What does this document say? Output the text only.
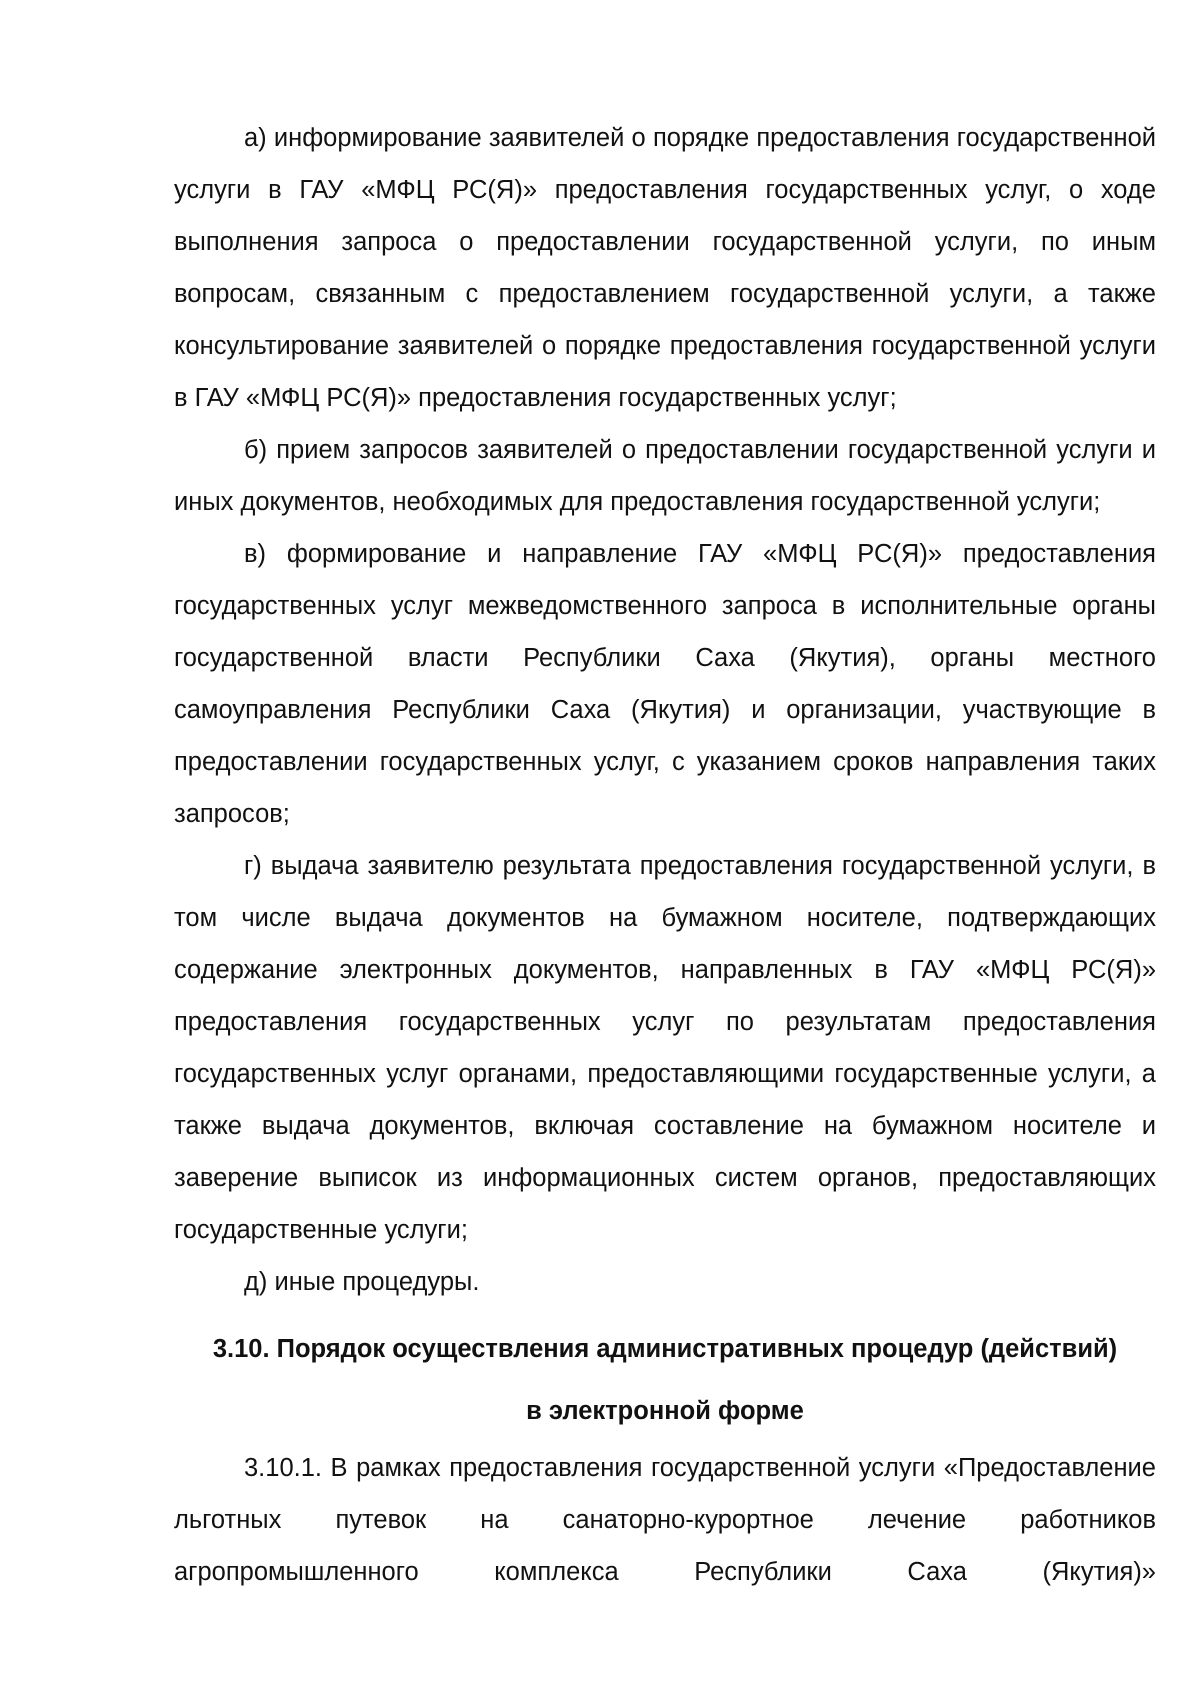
а) информирование заявителей о порядке предоставления государственной услуги в ГАУ «МФЦ РС(Я)» предоставления государственных услуг, о ходе выполнения запроса о предоставлении государственной услуги, по иным вопросам, связанным с предоставлением государственной услуги, а также консультирование заявителей о порядке предоставления государственной услуги в ГАУ «МФЦ РС(Я)» предоставления государственных услуг;

б) прием запросов заявителей о предоставлении государственной услуги и иных документов, необходимых для предоставления государственной услуги;

в) формирование и направление ГАУ «МФЦ РС(Я)» предоставления государственных услуг межведомственного запроса в исполнительные органы государственной власти Республики Саха (Якутия), органы местного самоуправления Республики Саха (Якутия) и организации, участвующие в предоставлении государственных услуг, с указанием сроков направления таких запросов;

г) выдача заявителю результата предоставления государственной услуги, в том числе выдача документов на бумажном носителе, подтверждающих содержание электронных документов, направленных в ГАУ «МФЦ РС(Я)» предоставления государственных услуг по результатам предоставления государственных услуг органами, предоставляющими государственные услуги, а также выдача документов, включая составление на бумажном носителе и заверение выписок из информационных систем органов, предоставляющих государственные услуги;

д) иные процедуры.

3.10. Порядок осуществления административных процедур (действий)
в электронной форме

3.10.1. В рамках предоставления государственной услуги «Предоставление льготных путевок на санаторно-курортное лечение работников агропромышленного комплекса Республики Саха (Якутия)»
